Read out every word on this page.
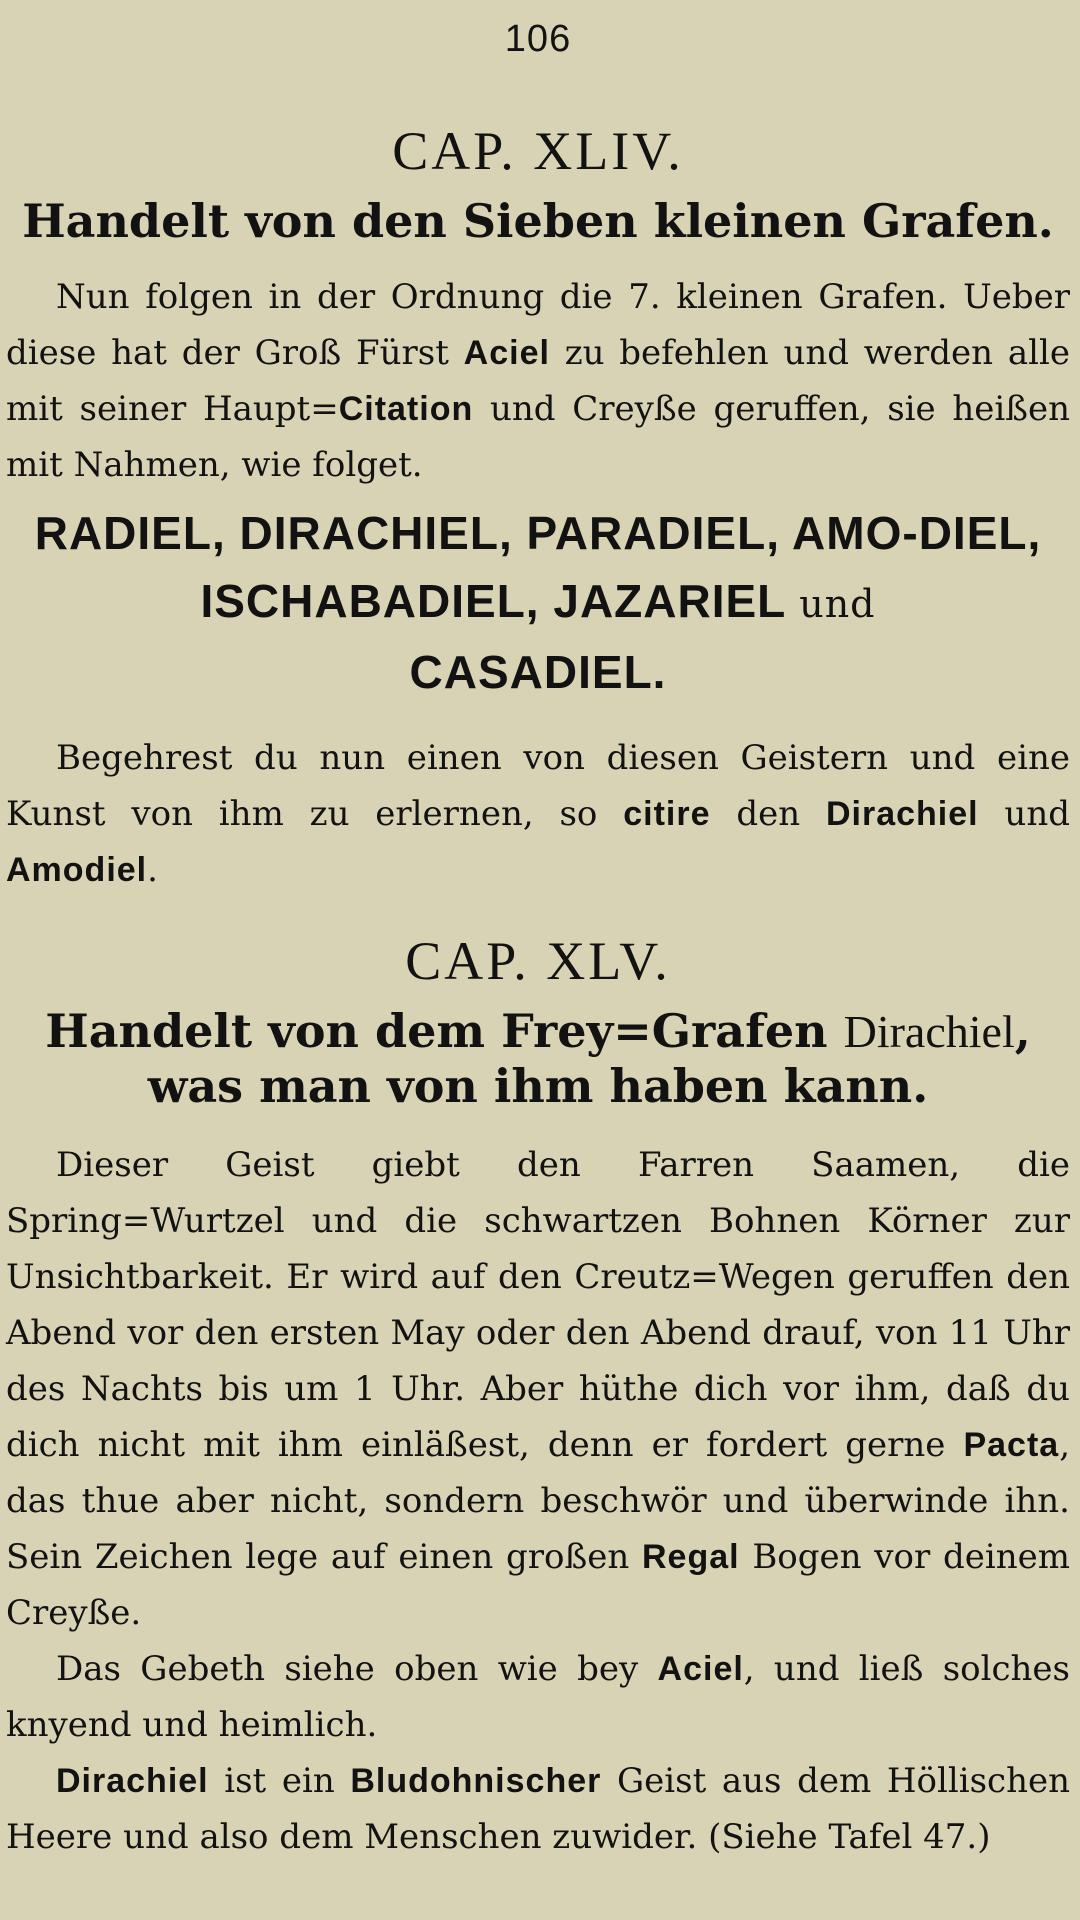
106
CAP. XLIV.
Handelt von den Sieben kleinen Grafen.

Nun folgen in der Ordnung die 7. kleinen Grafen. Ueber diese hat der Groß Fürst Aciel zu befehlen und werden alle mit seiner Haupt=Citation und Creyße geruffen, sie heißen mit Nahmen, wie folget.

RADIEL, DIRACHIEL, PARADIEL, AMO-DIEL, ISCHABADIEL, JAZARIEL und
CASADIEL.

Begehrest du nun einen von diesen Geistern und eine Kunst von ihm zu erlernen, so citire den Dirachiel und Amodiel.

CAP. XLV.
Handelt von dem Frey=Grafen Dirachiel,
was man von ihm haben kann.

Dieser Geist giebt den Farren Saamen, die Spring=Wurtzel und die schwartzen Bohnen Körner zur Unsichtbarkeit. Er wird auf den Creutz=Wegen geruffen den Abend vor den ersten May oder den Abend drauf, von 11 Uhr des Nachts bis um 1 Uhr. Aber hüthe dich vor ihm, daß du dich nicht mit ihm einläßest, denn er fordert gerne Pacta, das thue aber nicht, sondern beschwör und überwinde ihn. Sein Zeichen lege auf einen großen Regal Bogen vor deinem Creyße.

Das Gebeth siehe oben wie bey Aciel, und ließ solches knyend und heimlich.

Dirachiel ist ein Bludohnischer Geist aus dem Höllischen Heere und also dem Menschen zuwider. (Siehe Tafel 47.)
